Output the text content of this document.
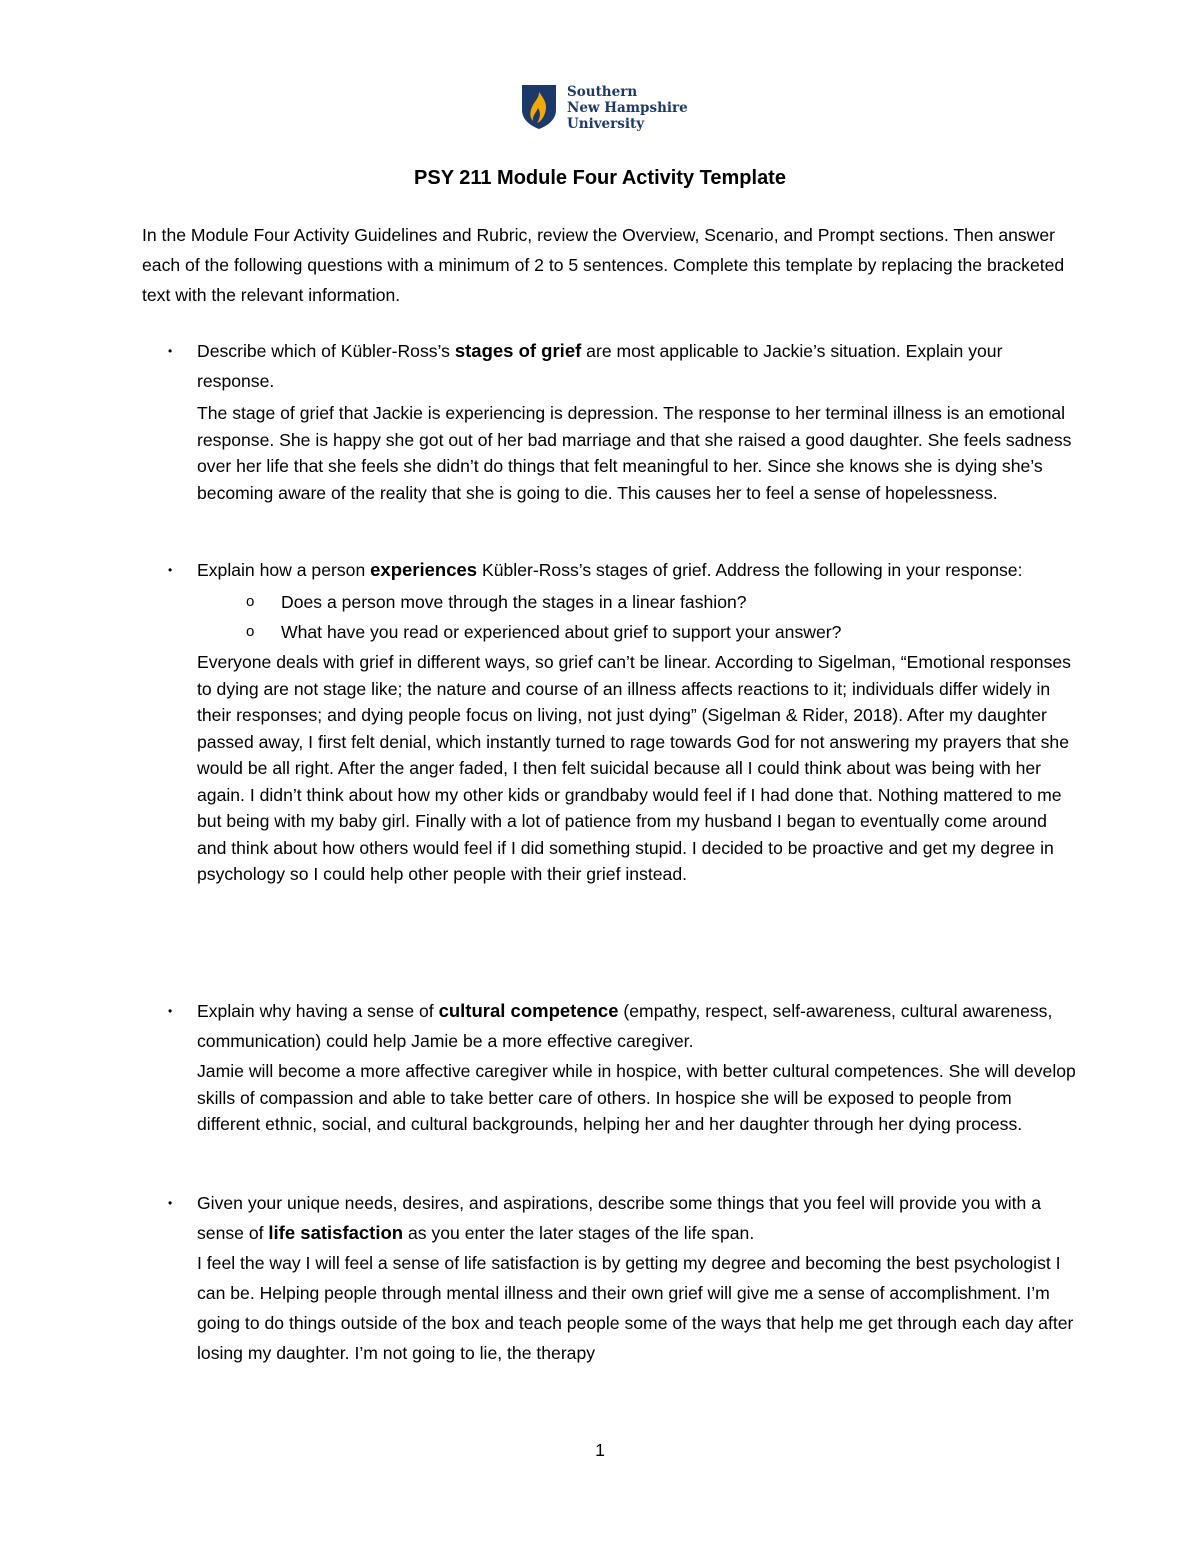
Southern
New Hampshire
University
PSY 211 Module Four Activity Template

In the Module Four Activity Guidelines and Rubric, review the Overview, Scenario, and Prompt sections. Then answer each of the following questions with a minimum of 2 to 5 sentences. Complete this template by replacing the bracketed text with the relevant information.

• Describe which of Kübler-Ross’s stages of grief are most applicable to Jackie’s situation. Explain your response.

The stage of grief that Jackie is experiencing is depression. The response to her terminal illness is an emotional response. She is happy she got out of her bad marriage and that she raised a good daughter. She feels sadness over her life that she feels she didn’t do things that felt meaningful to her. Since she knows she is dying she’s becoming aware of the reality that she is going to die. This causes her to feel a sense of hopelessness.

• Explain how a person experiences Kübler-Ross’s stages of grief. Address the following in your response:

o Does a person move through the stages in a linear fashion?
o What have you read or experienced about grief to support your answer?

Everyone deals with grief in different ways, so grief can’t be linear. According to Sigelman, “Emotional responses to dying are not stage like; the nature and course of an illness affects reactions to it; individuals differ widely in their responses; and dying people focus on living, not just dying” (Sigelman & Rider, 2018). After my daughter passed away, I first felt denial, which instantly turned to rage towards God for not answering my prayers that she would be all right. After the anger faded, I then felt suicidal because all I could think about was being with her again. I didn’t think about how my other kids or grandbaby would feel if I had done that. Nothing mattered to me but being with my baby girl. Finally with a lot of patience from my husband I began to eventually come around and think about how others would feel if I did something stupid. I decided to be proactive and get my degree in psychology so I could help other people with their grief instead.

• Explain why having a sense of cultural competence (empathy, respect, self-awareness, cultural awareness, communication) could help Jamie be a more effective caregiver.

Jamie will become a more affective caregiver while in hospice, with better cultural competences. She will develop skills of compassion and able to take better care of others. In hospice she will be exposed to people from different ethnic, social, and cultural backgrounds, helping her and her daughter through her dying process.

• Given your unique needs, desires, and aspirations, describe some things that you feel will provide you with a sense of life satisfaction as you enter the later stages of the life span.

I feel the way I will feel a sense of life satisfaction is by getting my degree and becoming the best psychologist I can be. Helping people through mental illness and their own grief will give me a sense of accomplishment. I’m going to do things outside of the box and teach people some of the ways that help me get through each day after losing my daughter. I’m not going to lie, the therapy

1
